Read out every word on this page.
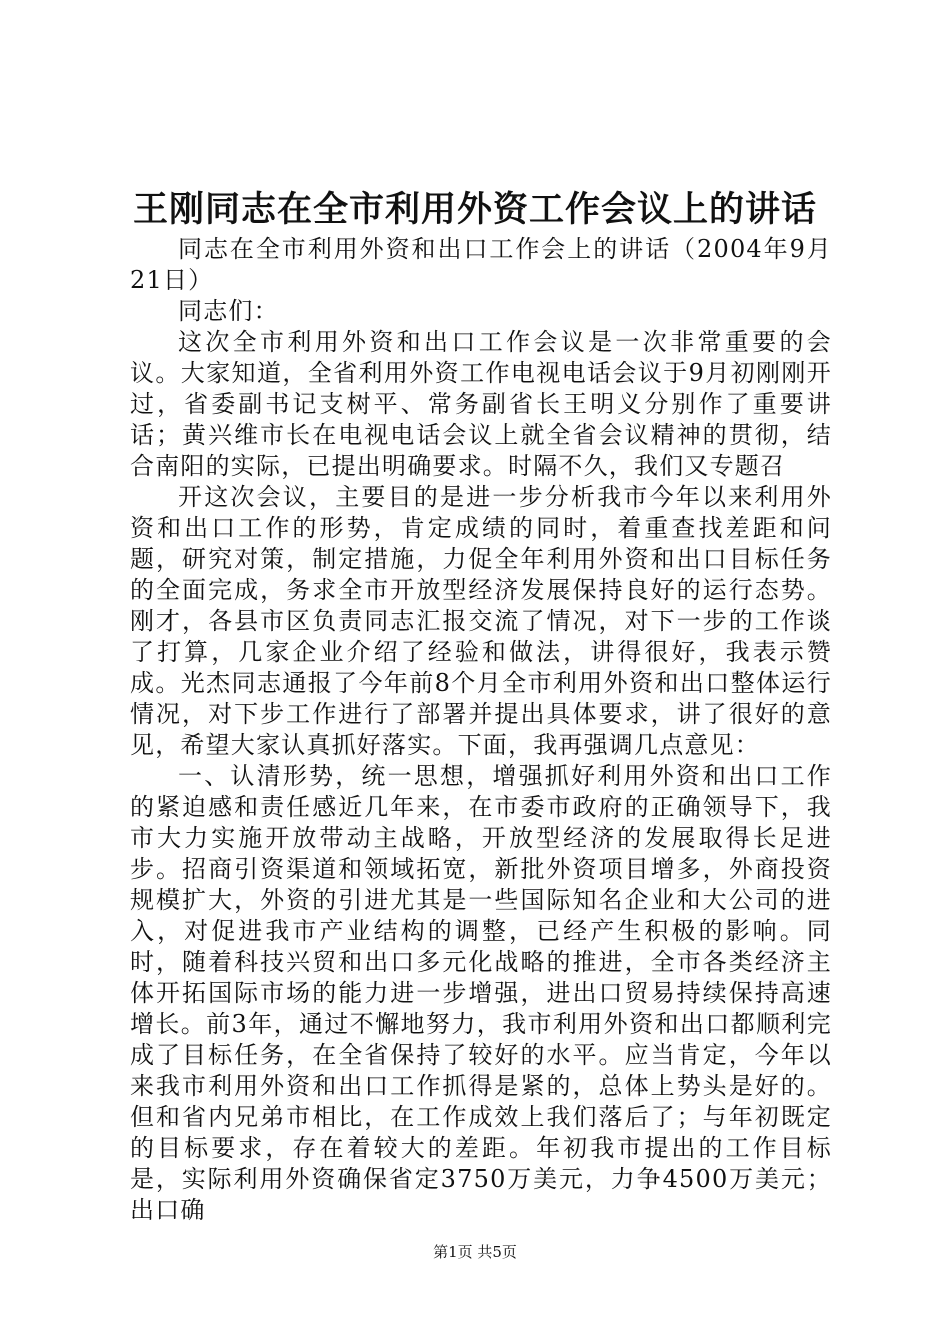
王刚同志在全市利用外资工作会议上的讲话

同志在全市利用外资和出口工作会上的讲话（2004年9月21日）

同志们：

这次全市利用外资和出口工作会议是一次非常重要的会议。大家知道，全省利用外资工作电视电话会议于9月初刚刚开过，省委副书记支树平、常务副省长王明义分别作了重要讲话；黄兴维市长在电视电话会议上就全省会议精神的贯彻，结合南阳的实际，已提出明确要求。时隔不久，我们又专题召

开这次会议，主要目的是进一步分析我市今年以来利用外资和出口工作的形势，肯定成绩的同时，着重查找差距和问题，研究对策，制定措施，力促全年利用外资和出口目标任务的全面完成，务求全市开放型经济发展保持良好的运行态势。刚才，各县市区负责同志汇报交流了情况，对下一步的工作谈了打算，几家企业介绍了经验和做法，讲得很好，我表示赞成。光杰同志通报了今年前8个月全市利用外资和出口整体运行情况，对下步工作进行了部署并提出具体要求，讲了很好的意见，希望大家认真抓好落实。下面，我再强调几点意见：

一、认清形势，统一思想，增强抓好利用外资和出口工作的紧迫感和责任感近几年来，在市委市政府的正确领导下，我市大力实施开放带动主战略，开放型经济的发展取得长足进步。招商引资渠道和领域拓宽，新批外资项目增多，外商投资规模扩大，外资的引进尤其是一些国际知名企业和大公司的进入，对促进我市产业结构的调整，已经产生积极的影响。同时，随着科技兴贸和出口多元化战略的推进，全市各类经济主体开拓国际市场的能力进一步增强，进出口贸易持续保持高速增长。前3年，通过不懈地努力，我市利用外资和出口都顺利完成了目标任务，在全省保持了较好的水平。应当肯定，今年以来我市利用外资和出口工作抓得是紧的，总体上势头是好的。但和省内兄弟市相比，在工作成效上我们落后了；与年初既定的目标要求，存在着较大的差距。年初我市提出的工作目标是，实际利用外资确保省定3750万美元，力争4500万美元；出口确

第1页 共5页
